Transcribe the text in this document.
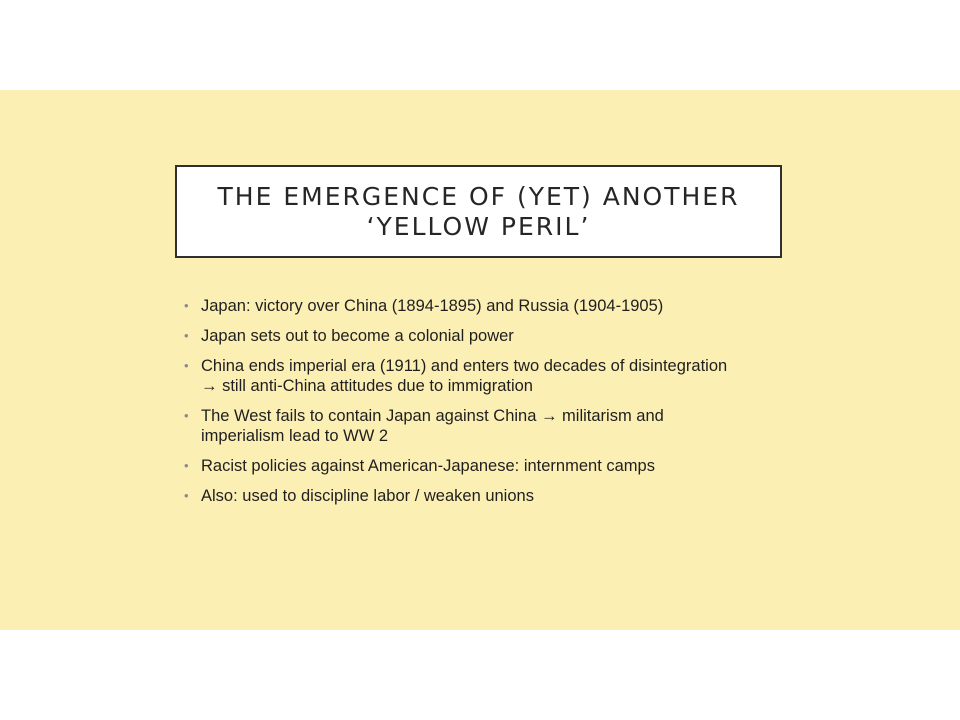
THE EMERGENCE OF (YET) ANOTHER
‘YELLOW PERIL’
• Japan: victory over China (1894-1895) and Russia (1904-1905)
• Japan sets out to become a colonial power
• China ends imperial era (1911) and enters two decades of disintegration → still anti-China attitudes due to immigration
• The West fails to contain Japan against China → militarism and imperialism lead to WW 2
• Racist policies against American-Japanese: internment camps
• Also: used to discipline labor / weaken unions
